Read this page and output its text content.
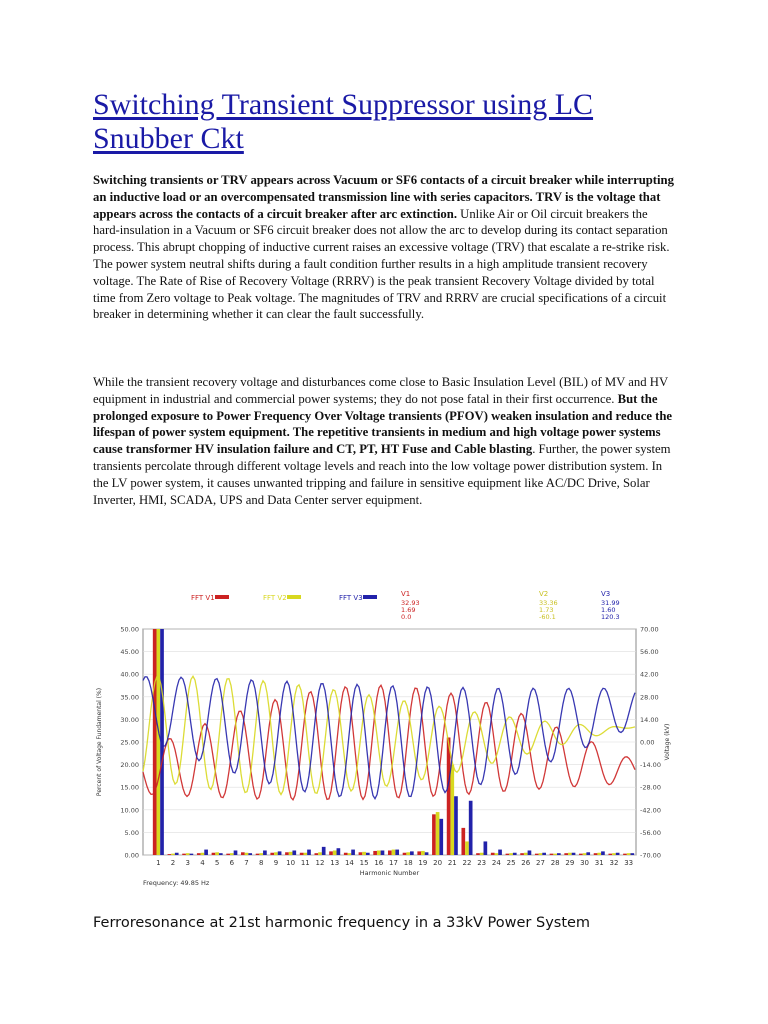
Switching Transient Suppressor using LC Snubber Ckt

Switching transients or TRV appears across Vacuum or SF6 contacts of a circuit breaker while interrupting an inductive load or an overcompensated transmission line with series capacitors. TRV is the voltage that appears across the contacts of a circuit breaker after arc extinction. Unlike Air or Oil circuit breakers the hard-insulation in a Vacuum or SF6 circuit breaker does not allow the arc to develop during its contact separation process. This abrupt chopping of inductive current raises an excessive voltage (TRV) that escalate a re-strike risk. The power system neutral shifts during a fault condition further results in a high amplitude transient recovery voltage. The Rate of Rise of Recovery Voltage (RRRV) is the peak transient Recovery Voltage divided by total time from Zero voltage to Peak voltage. The magnitudes of TRV and RRRV are crucial specifications of a circuit breaker in determining whether it can clear the fault successfully.

While the transient recovery voltage and disturbances come close to Basic Insulation Level (BIL) of MV and HV equipment in industrial and commercial power systems; they do not pose fatal in their first occurrence. But the prolonged exposure to Power Frequency Over Voltage transients (PFOV) weaken insulation and reduce the lifespan of power system equipment. The repetitive transients in medium and high voltage power systems cause transformer HV insulation failure and CT, PT, HT Fuse and Cable blasting. Further, the power system transients percolate through different voltage levels and reach into the low voltage power distribution system. In the LV power system, it causes unwanted tripping and failure in sensitive equipment like AC/DC Drive, Solar Inverter, HMI, SCADA, UPS and Data Center server equipment.

FFT V1	FFT V2	FFT V3	V1
32.93
1.69
0.0
V2
33.36
1.73
-60.1
V3
31.99
1.60
120.3
50.00
45.00
40.00
35.00
30.00
25.00
20.00
15.00
10.00
5.00
0.00
70.00
56.00
42.00
28.00
14.00
0.00
-14.00
-28.00
-42.00
-56.00
-70.00
Percent of Voltage Fundamental (%)	Voltage (kV)
1 2 3 4 5 6 7 8 9 10 11 12 13 14 15 16 17 18 19 20 21 22 23 24 25 26 27 28 29 30 31 32 33
Harmonic Number
Frequency: 49.85 Hz
Ferroresonance at 21st harmonic frequency in a 33kV Power System
